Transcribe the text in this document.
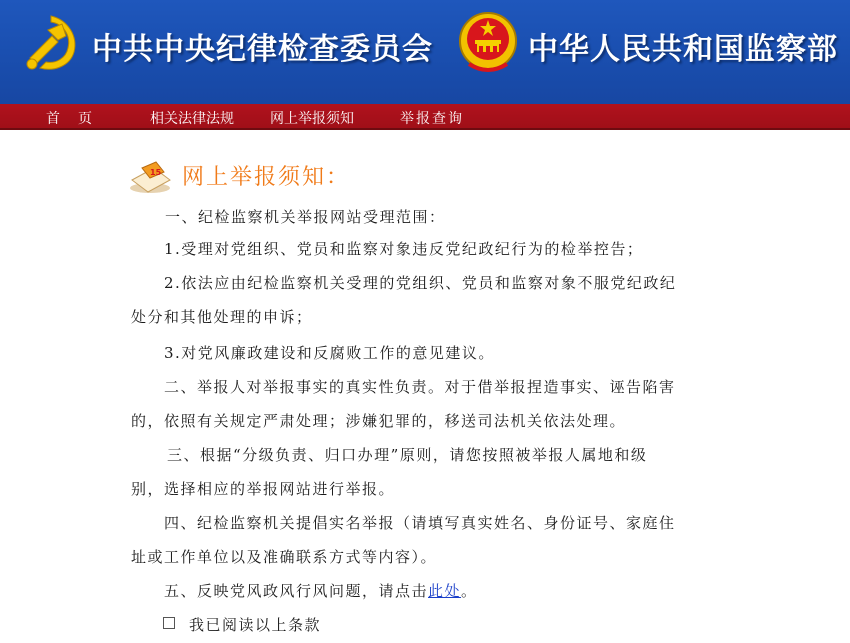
中共中央纪律检查委员会	中华人民共和国监察部
首页	相关法律法规	网上举报须知	举报查询
15 网上举报须知：
一、纪检监察机关举报网站受理范围：
1.受理对党组织、党员和监察对象违反党纪政纪行为的检举控告；
2.依法应由纪检监察机关受理的党组织、党员和监察对象不服党纪政纪
处分和其他处理的申诉；
3.对党风廉政建设和反腐败工作的意见建议。
二、举报人对举报事实的真实性负责。对于借举报捏造事实、诬告陷害
的，依照有关规定严肃处理；涉嫌犯罪的，移送司法机关依法处理。
三、根据“分级负责、归口办理”原则，请您按照被举报人属地和级
别，选择相应的举报网站进行举报。
四、纪检监察机关提倡实名举报（请填写真实姓名、身份证号、家庭住
址或工作单位以及准确联系方式等内容）。
五、反映党风政风行风问题，请点击此处。
我已阅读以上条款
